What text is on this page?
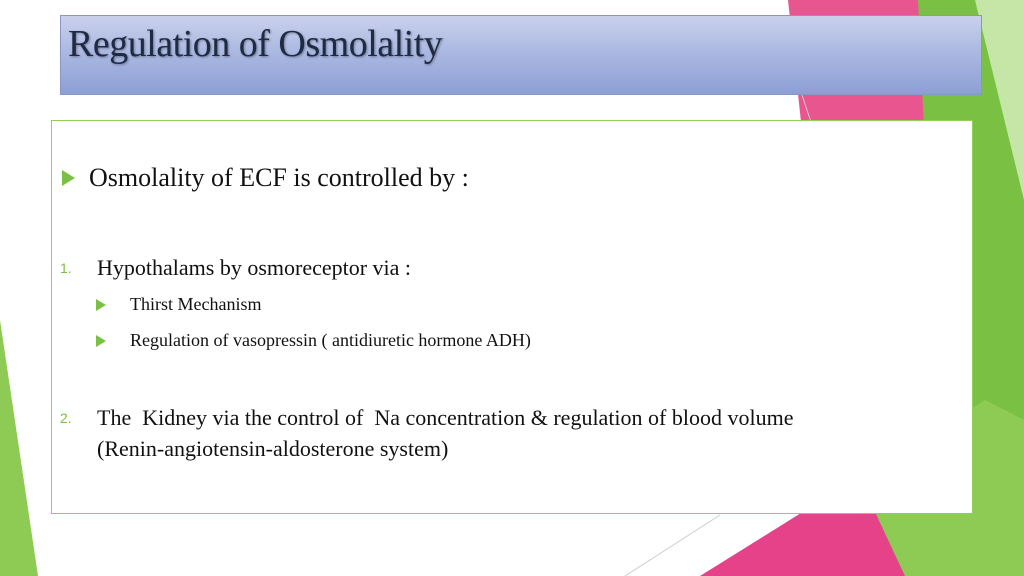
Regulation of Osmolality
Osmolality of ECF is controlled by :
1. Hypothalams by osmoreceptor via :
Thirst Mechanism
Regulation of vasopressin ( antidiuretic hormone ADH)
2. The  Kidney via the control of  Na concentration & regulation of blood volume
(Renin-angiotensin-aldosterone system)
